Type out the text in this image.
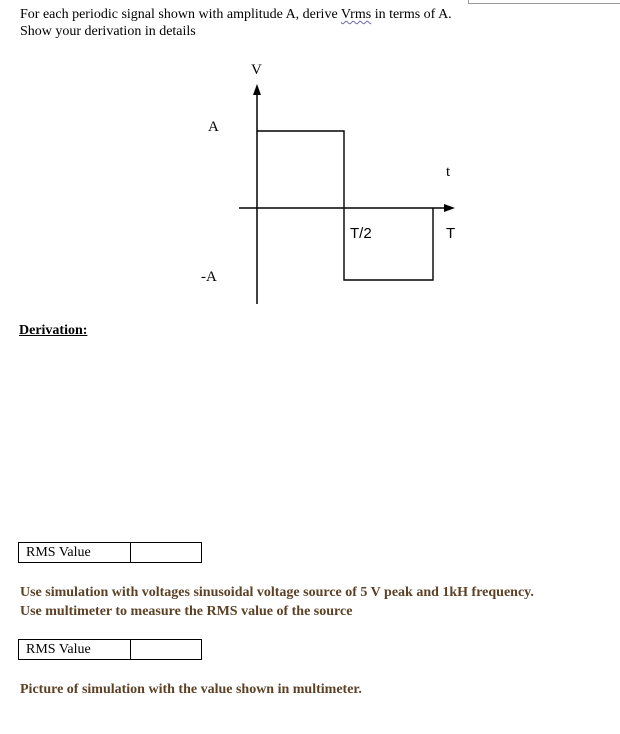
For each periodic signal shown with amplitude A, derive Vrms in terms of A.
Show your derivation in details
V
t
A
-A
T/2	T
Derivation:
RMS Value	
Use simulation with voltages sinusoidal voltage source of 5 V peak and 1kH frequency.
Use multimeter to measure the RMS value of the source
RMS Value	
Picture of simulation with the value shown in multimeter.
